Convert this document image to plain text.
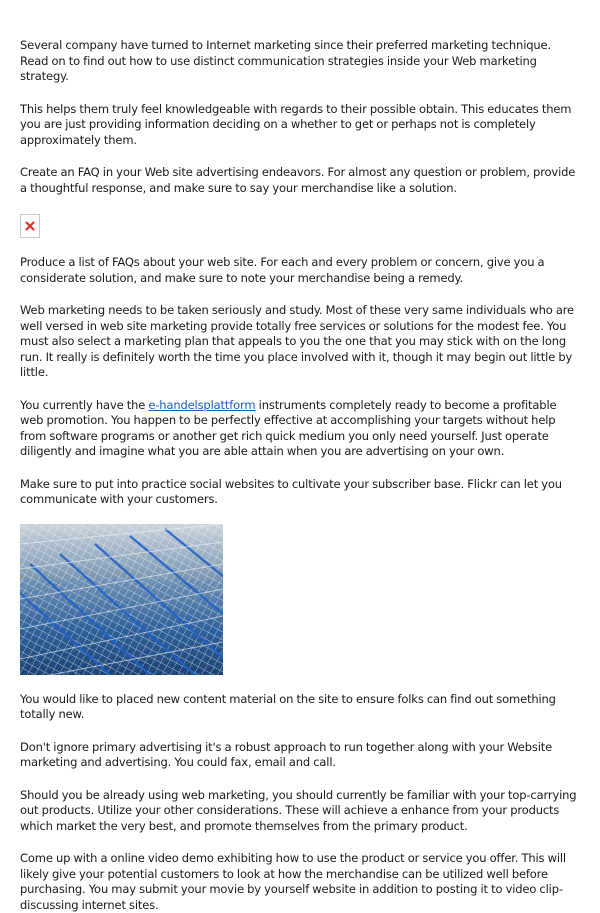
Several company have turned to Internet marketing since their preferred marketing technique. Read on to find out how to use distinct communication strategies inside your Web marketing strategy.

This helps them truly feel knowledgeable with regards to their possible obtain. This educates them you are just providing information deciding on a whether to get or perhaps not is completely approximately them.

Create an FAQ in your Web site advertising endeavors. For almost any question or problem, provide a thoughtful response, and make sure to say your merchandise like a solution.

Produce a list of FAQs about your web site. For each and every problem or concern, give you a considerate solution, and make sure to note your merchandise being a remedy.

Web marketing needs to be taken seriously and study. Most of these very same individuals who are well versed in web site marketing provide totally free services or solutions for the modest fee. You must also select a marketing plan that appeals to you the one that you may stick with on the long run. It really is definitely worth the time you place involved with it, though it may begin out little by little.

You currently have the e-handelsplattform instruments completely ready to become a profitable web promotion. You happen to be perfectly effective at accomplishing your targets without help from software programs or another get rich quick medium you only need yourself. Just operate diligently and imagine what you are able attain when you are advertising on your own.

Make sure to put into practice social websites to cultivate your subscriber base. Flickr can let you communicate with your customers.

You would like to placed new content material on the site to ensure folks can find out something totally new.

Don't ignore primary advertising it's a robust approach to run together along with your Website marketing and advertising. You could fax, email and call.

Should you be already using web marketing, you should currently be familiar with your top-carrying out products. Utilize your other considerations. These will achieve a enhance from your products which market the very best, and promote themselves from the primary product.

Come up with a online video demo exhibiting how to use the product or service you offer. This will likely give your potential customers to look at how the merchandise can be utilized well before purchasing. You may submit your movie by yourself website in addition to posting it to video clip-discussing internet sites.
